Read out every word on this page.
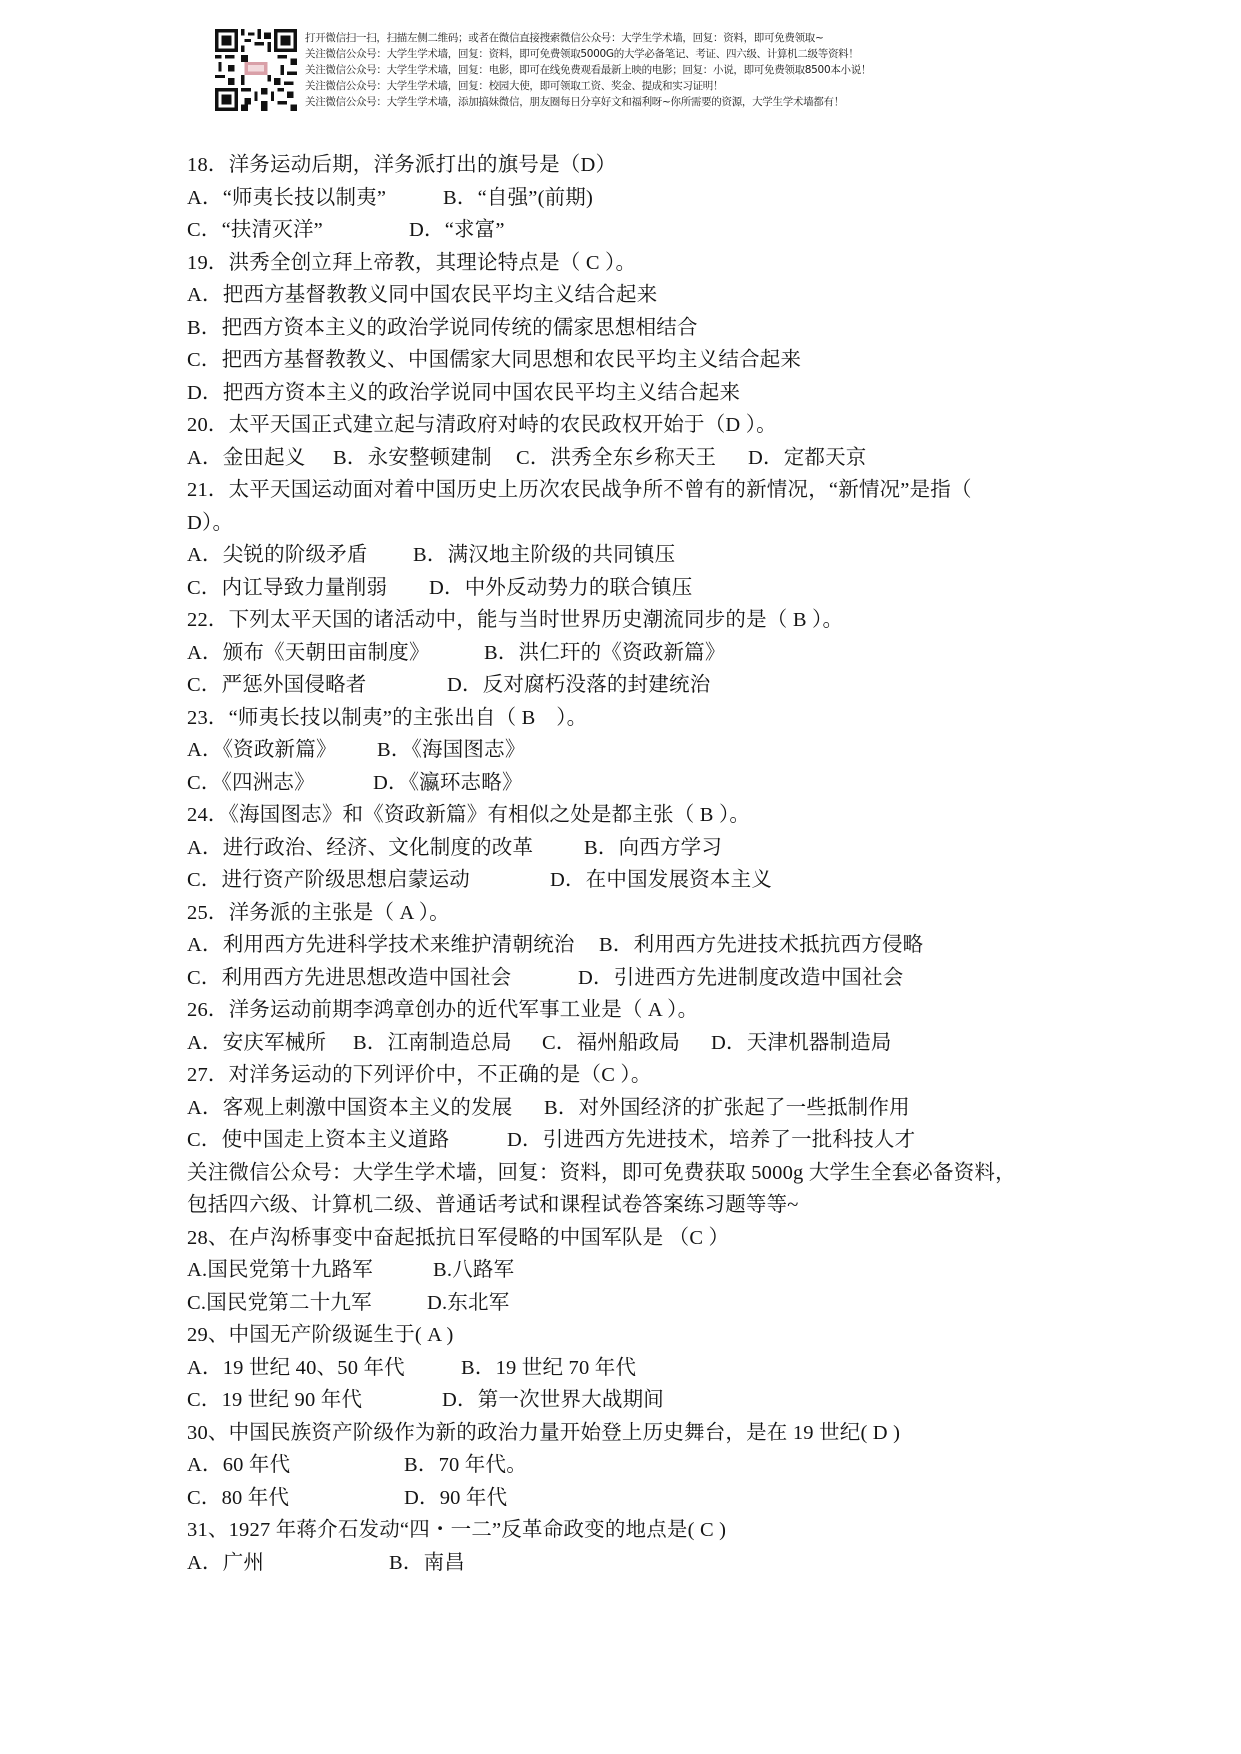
打开微信扫一扫，扫描左侧二维码；或者在微信直接搜索微信公众号：大学生学术墙，回复：资料，即可免费领取~
关注微信公众号：大学生学术墙，回复：资料，即可免费领取5000G的大学必备笔记、考证、四六级、计算机二级等资料！
关注微信公众号：大学生学术墙，回复：电影，即可在线免费观看最新上映的电影；回复：小说，即可免费领取8500本小说！
关注微信公众号：大学生学术墙，回复：校园大使，即可领取工资、奖金、提成和实习证明！
关注微信公众号：大学生学术墙，添加搞妹微信，朋友圈每日分享好文和福利呀~你所需要的资源，大学生学术墙都有！
18．洋务运动后期，洋务派打出的旗号是（D）
A．“师夷长技以制夷”	B．“自强”(前期)
C．“扶清灭洋”	D．“求富”
19．洪秀全创立拜上帝教，其理论特点是（ C ）。
A．把西方基督教教义同中国农民平均主义结合起来
B．把西方资本主义的政治学说同传统的儒家思想相结合
C．把西方基督教教义、中国儒家大同思想和农民平均主义结合起来
D．把西方资本主义的政治学说同中国农民平均主义结合起来
20．太平天国正式建立起与清政府对峙的农民政权开始于（D ）。
A．金田起义 B．永安整顿建制 C．洪秀全东乡称天王 D．定都天京
21．太平天国运动面对着中国历史上历次农民战争所不曾有的新情况，“新情况”是指（
D）。
A．尖锐的阶级矛盾 B．满汉地主阶级的共同镇压
C．内讧导致力量削弱 D．中外反动势力的联合镇压
22．下列太平天国的诸活动中，能与当时世界历史潮流同步的是（ B ）。
A．颁布《天朝田亩制度》	B．洪仁玕的《资政新篇》
C．严惩外国侵略者	D．反对腐朽没落的封建统治
23．“师夷长技以制夷”的主张出自（ B　）。
A．《资政新篇》 B．《海国图志》
C．《四洲志》	D．《瀛环志略》
24．《海国图志》和《资政新篇》有相似之处是都主张（ B ）。
A．进行政治、经济、文化制度的改革 B．向西方学习
C．进行资产阶级思想启蒙运动	D．在中国发展资本主义
25．洋务派的主张是（ A ）。
A．利用西方先进科学技术来维护清朝统治 B．利用西方先进技术抵抗西方侵略
C．利用西方先进思想改造中国社会	D．引进西方先进制度改造中国社会
26．洋务运动前期李鸿章创办的近代军事工业是（ A ）。
A．安庆军械所 B．江南制造总局 C．福州船政局 D．天津机器制造局
27．对洋务运动的下列评价中，不正确的是（C ）。
A．客观上刺激中国资本主义的发展 B．对外国经济的扩张起了一些抵制作用
C．使中国走上资本主义道路	D．引进西方先进技术，培养了一批科技人才
关注微信公众号：大学生学术墙，回复：资料，即可免费获取 5000g 大学生全套必备资料，
包括四六级、计算机二级、普通话考试和课程试卷答案练习题等等~
28、在卢沟桥事变中奋起抵抗日军侵略的中国军队是 （C ）
A.国民党第十九路军	B.八路军
C.国民党第二十九军	D.东北军
29、中国无产阶级诞生于( A )
A．19 世纪 40、50 年代	B．19 世纪 70 年代
C．19 世纪 90 年代	D．第一次世界大战期间
30、中国民族资产阶级作为新的政治力量开始登上历史舞台，是在 19 世纪( D )
A．60 年代	B．70 年代。
C．80 年代	D．90 年代
31、1927 年蒋介石发动“四・一二”反革命政变的地点是( C )
A．广州	B．南昌
